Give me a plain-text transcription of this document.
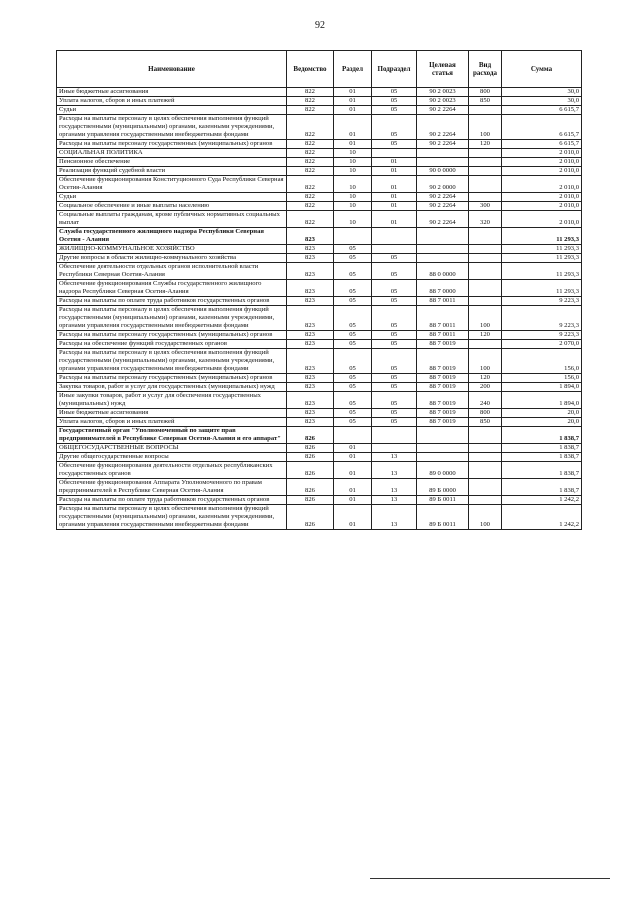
92
Наименование	Ведомство	Раздел	Подраздел	Целевая статья	Вид расхода	Сумма
Иные бюджетные ассигнования	822	01	05	90 2 0023	800	30,0
Уплата налогов, сборов и иных платежей	822	01	05	90 2 0023	850	30,0
Судьи	822	01	05	90 2 2264		6 615,7
Расходы на выплаты персоналу в целях обеспечения выполнения функций государственными (муниципальными) органами, казенными учреждениями, органами управления государственными внебюджетными фондами	822	01	05	90 2 2264	100	6 615,7
Расходы на выплаты персоналу государственных (муниципальных) органов	822	01	05	90 2 2264	120	6 615,7
СОЦИАЛЬНАЯ ПОЛИТИКА	822	10				2 010,0
Пенсионное обеспечение	822	10	01			2 010,0
Реализация функций судебной власти	822	10	01	90 0 0000		2 010,0
Обеспечение функционирования Конституционного Суда Республики Северная Осетия-Алания	822	10	01	90 2 0000		2 010,0
Судьи	822	10	01	90 2 2264		2 010,0
Социальное обеспечение и иные выплаты населению	822	10	01	90 2 2264	300	2 010,0
Социальные выплаты гражданам, кроме публичных нормативных социальных выплат	822	10	01	90 2 2264	320	2 010,0
Служба государственного жилищного надзора Республики Северная Осетия - Алания	823					11 293,3
ЖИЛИЩНО-КОММУНАЛЬНОЕ ХОЗЯЙСТВО	823	05				11 293,3
Другие вопросы в области жилищно-коммунального хозяйства	823	05	05			11 293,3
Обеспечение деятельности отдельных органов исполнительной власти Республики Северная Осетия-Алания	823	05	05	88 0 0000		11 293,3
Обеспечение функционирования Службы государственного жилищного надзора Республики Северная Осетия-Алания	823	05	05	88 7 0000		11 293,3
Расходы на выплаты по оплате труда работников государственных органов	823	05	05	88 7 0011		9 223,3
Расходы на выплаты персоналу в целях обеспечения выполнения функций государственными (муниципальными) органами, казенными учреждениями, органами управления государственными внебюджетными фондами	823	05	05	88 7 0011	100	9 223,3
Расходы на выплаты персоналу государственных (муниципальных) органов	823	05	05	88 7 0011	120	9 223,3
Расходы на обеспечение функций государственных органов	823	05	05	88 7 0019		2 070,0
Расходы на выплаты персоналу в целях обеспечения выполнения функций государственными (муниципальными) органами, казенными учреждениями, органами управления государственными внебюджетными фондами	823	05	05	88 7 0019	100	156,0
Расходы на выплаты персоналу государственных (муниципальных) органов	823	05	05	88 7 0019	120	156,0
Закупка товаров, работ и услуг для государственных (муниципальных) нужд	823	05	05	88 7 0019	200	1 894,0
Иные закупки товаров, работ и услуг для обеспечения государственных (муниципальных) нужд	823	05	05	88 7 0019	240	1 894,0
Иные бюджетные ассигнования	823	05	05	88 7 0019	800	20,0
Уплата налогов, сборов и иных платежей	823	05	05	88 7 0019	850	20,0
Государственный орган "Уполномоченный по защите прав предпринимателей в Республике Северная Осетия-Алания и его аппарат"	826					1 838,7
ОБЩЕГОСУДАРСТВЕННЫЕ ВОПРОСЫ	826	01				1 838,7
Другие общегосударственные вопросы	826	01	13			1 838,7
Обеспечение функционирования деятельности отдельных республиканских государственных органов	826	01	13	89 0 0000		1 838,7
Обеспечение функционирования Аппарата Уполномоченного по правам предпринимателей в Республике Северная Осетия-Алания	826	01	13	89 Б 0000		1 838,7
Расходы на выплаты по оплате труда работников государственных органов	826	01	13	89 Б 0011		1 242,2
Расходы на выплаты персоналу в целях обеспечения выполнения функций государственными (муниципальными) органами, казенными учреждениями, органами управления государственными внебюджетными фондами	826	01	13	89 Б 0011	100	1 242,2
